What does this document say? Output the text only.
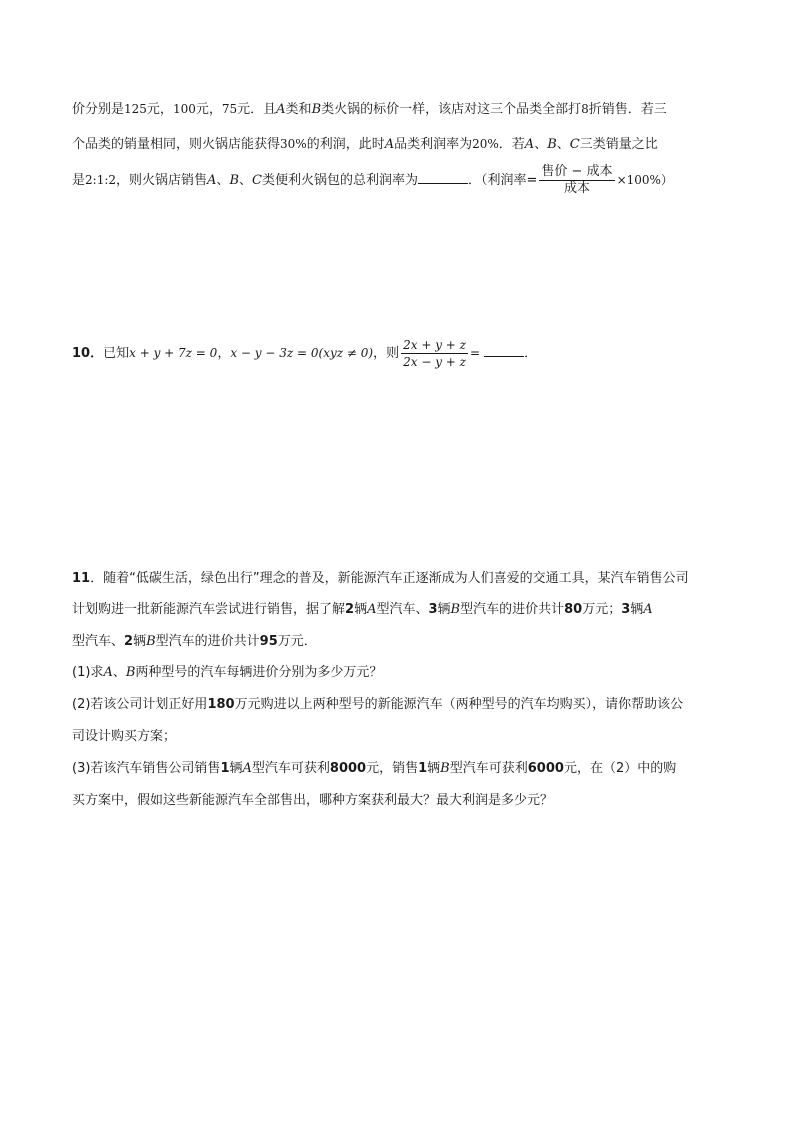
价分别是125元，100元，75元．且A类和B类火锅的标价一样，该店对这三个品类全部打8折销售．若三
个品类的销量相同，则火锅店能获得30%的利润，此时A品类利润率为20%．若A、B、C三类销量之比
是2:1:2，则火锅店销售A、B、C类便利火锅包的总利润率为	．（利润率= $\frac{\text{售价 − 成本}}{\text{成本}} \times 100\%$）
10．已知x + y + 7z = 0，x − y − 3z = 0(xyz ≠ 0)，则 $\frac{2x + y + z}{2x - y + z}$ =	．
11．随着“低碳生活，绿色出行”理念的普及，新能源汽车正逐渐成为人们喜爱的交通工具，某汽车销售公司
计划购进一批新能源汽车尝试进行销售，据了解2辆A型汽车、3辆B型汽车的进价共计80万元；3辆A
型汽车、2辆B型汽车的进价共计95万元．
(1)求A、B两种型号的汽车每辆进价分别为多少万元？
(2)若该公司计划正好用180万元购进以上两种型号的新能源汽车（两种型号的汽车均购买），请你帮助该公
司设计购买方案；
(3)若该汽车销售公司销售1辆A型汽车可获利8000元，销售1辆B型汽车可获利6000元，在（2）中的购
买方案中，假如这些新能源汽车全部售出，哪种方案获利最大？最大利润是多少元？
